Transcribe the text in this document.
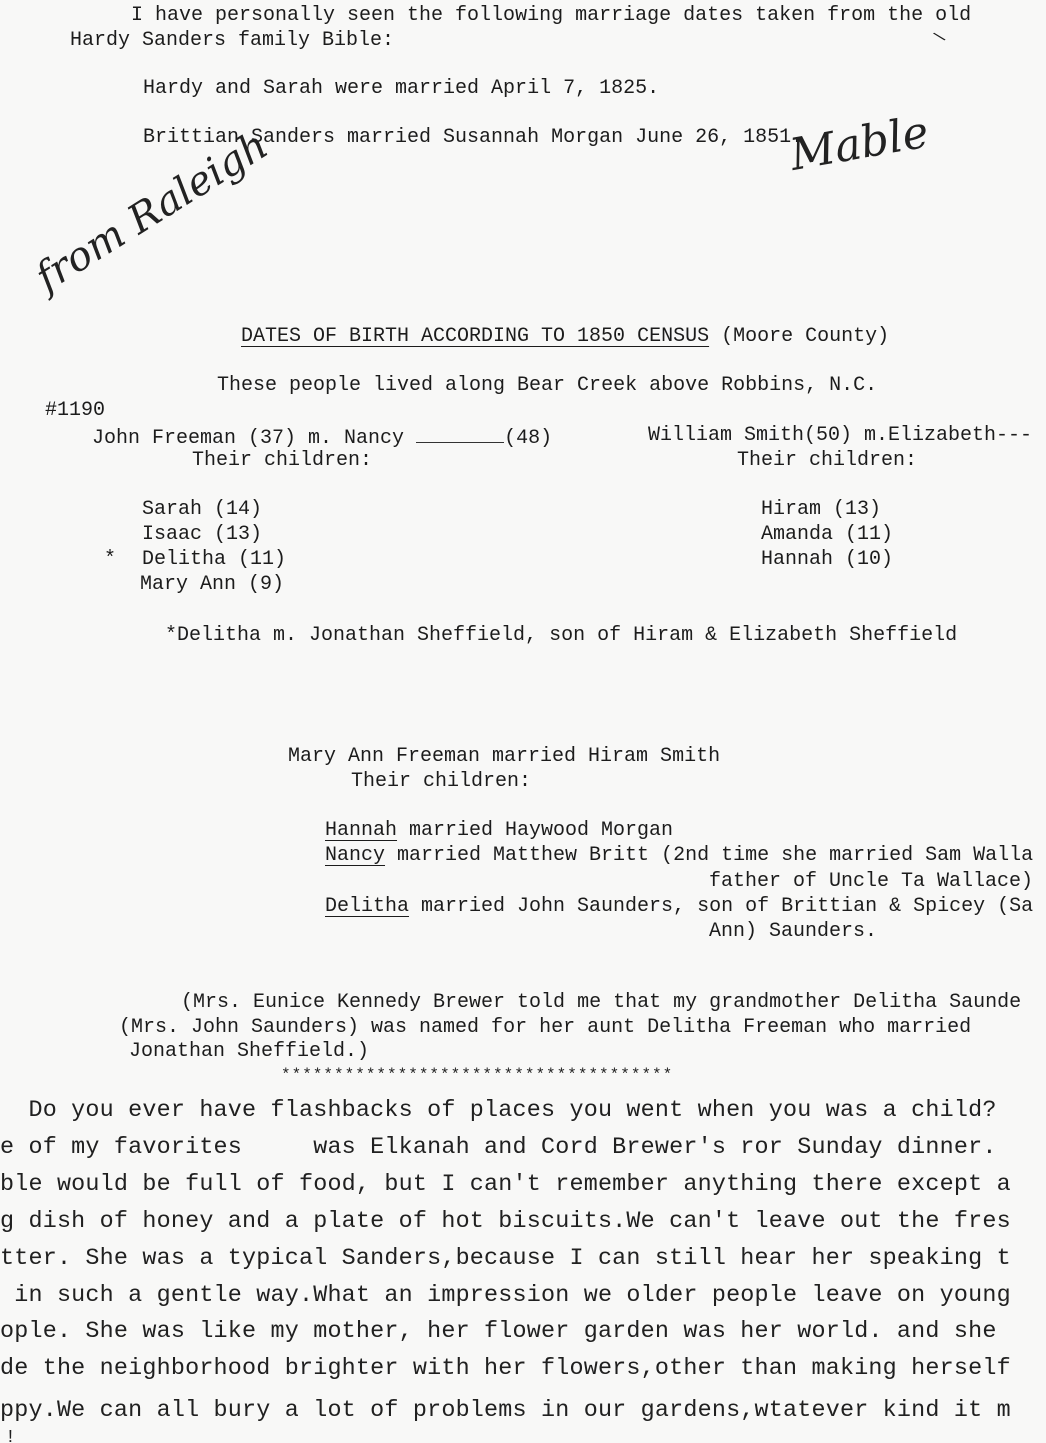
I have personally seen the following marriage dates taken from the old
Hardy Sanders family Bible:	\
Hardy and Sarah were married April 7, 1825.
Brittian Sanders married Susannah Morgan June 26, 1851.
Mable
from Raleigh
DATES OF BIRTH ACCORDING TO 1850 CENSUS (Moore County)
These people lived along Bear Creek above Robbins, N.C.
#1190
John Freeman (37) m. Nancy	(48)
Their children:
Sarah (14)
Isaac (13)
* Delitha (11)
Mary Ann (9)
William Smith(50) m.Elizabeth---
Their children:
Hiram (13)
Amanda (11)
Hannah (10)
*Delitha m. Jonathan Sheffield, son of Hiram & Elizabeth Sheffield
Mary Ann Freeman married Hiram Smith
Their children:
Hannah married Haywood Morgan
Nancy married Matthew Britt (2nd time she married Sam Walla
father of Uncle Ta Wallace)
Delitha married John Saunders, son of Brittian & Spicey (Sa
Ann) Saunders.
(Mrs. Eunice Kennedy Brewer told me that my grandmother Delitha Saunde
(Mrs. John Saunders) was named for her aunt Delitha Freeman who married
Jonathan Sheffield.)
*************************************
Do you ever have flashbacks of places you went when you was a child?
e of my favorites     was Elkanah and Cord Brewer's ror Sunday dinner.
ble would be full of food, but I can't remember anything there except a
g dish of honey and a plate of hot biscuits.We can't leave out the fres
tter. She was a typical Sanders,because I can still hear her speaking t
in such a gentle way.What an impression we older people leave on young
ople. She was like my mother, her flower garden was her world. and she
de the neighborhood brighter with her flowers,other than making herself
ppy.We can all bury a lot of problems in our gardens,wtatever kind it m
!
